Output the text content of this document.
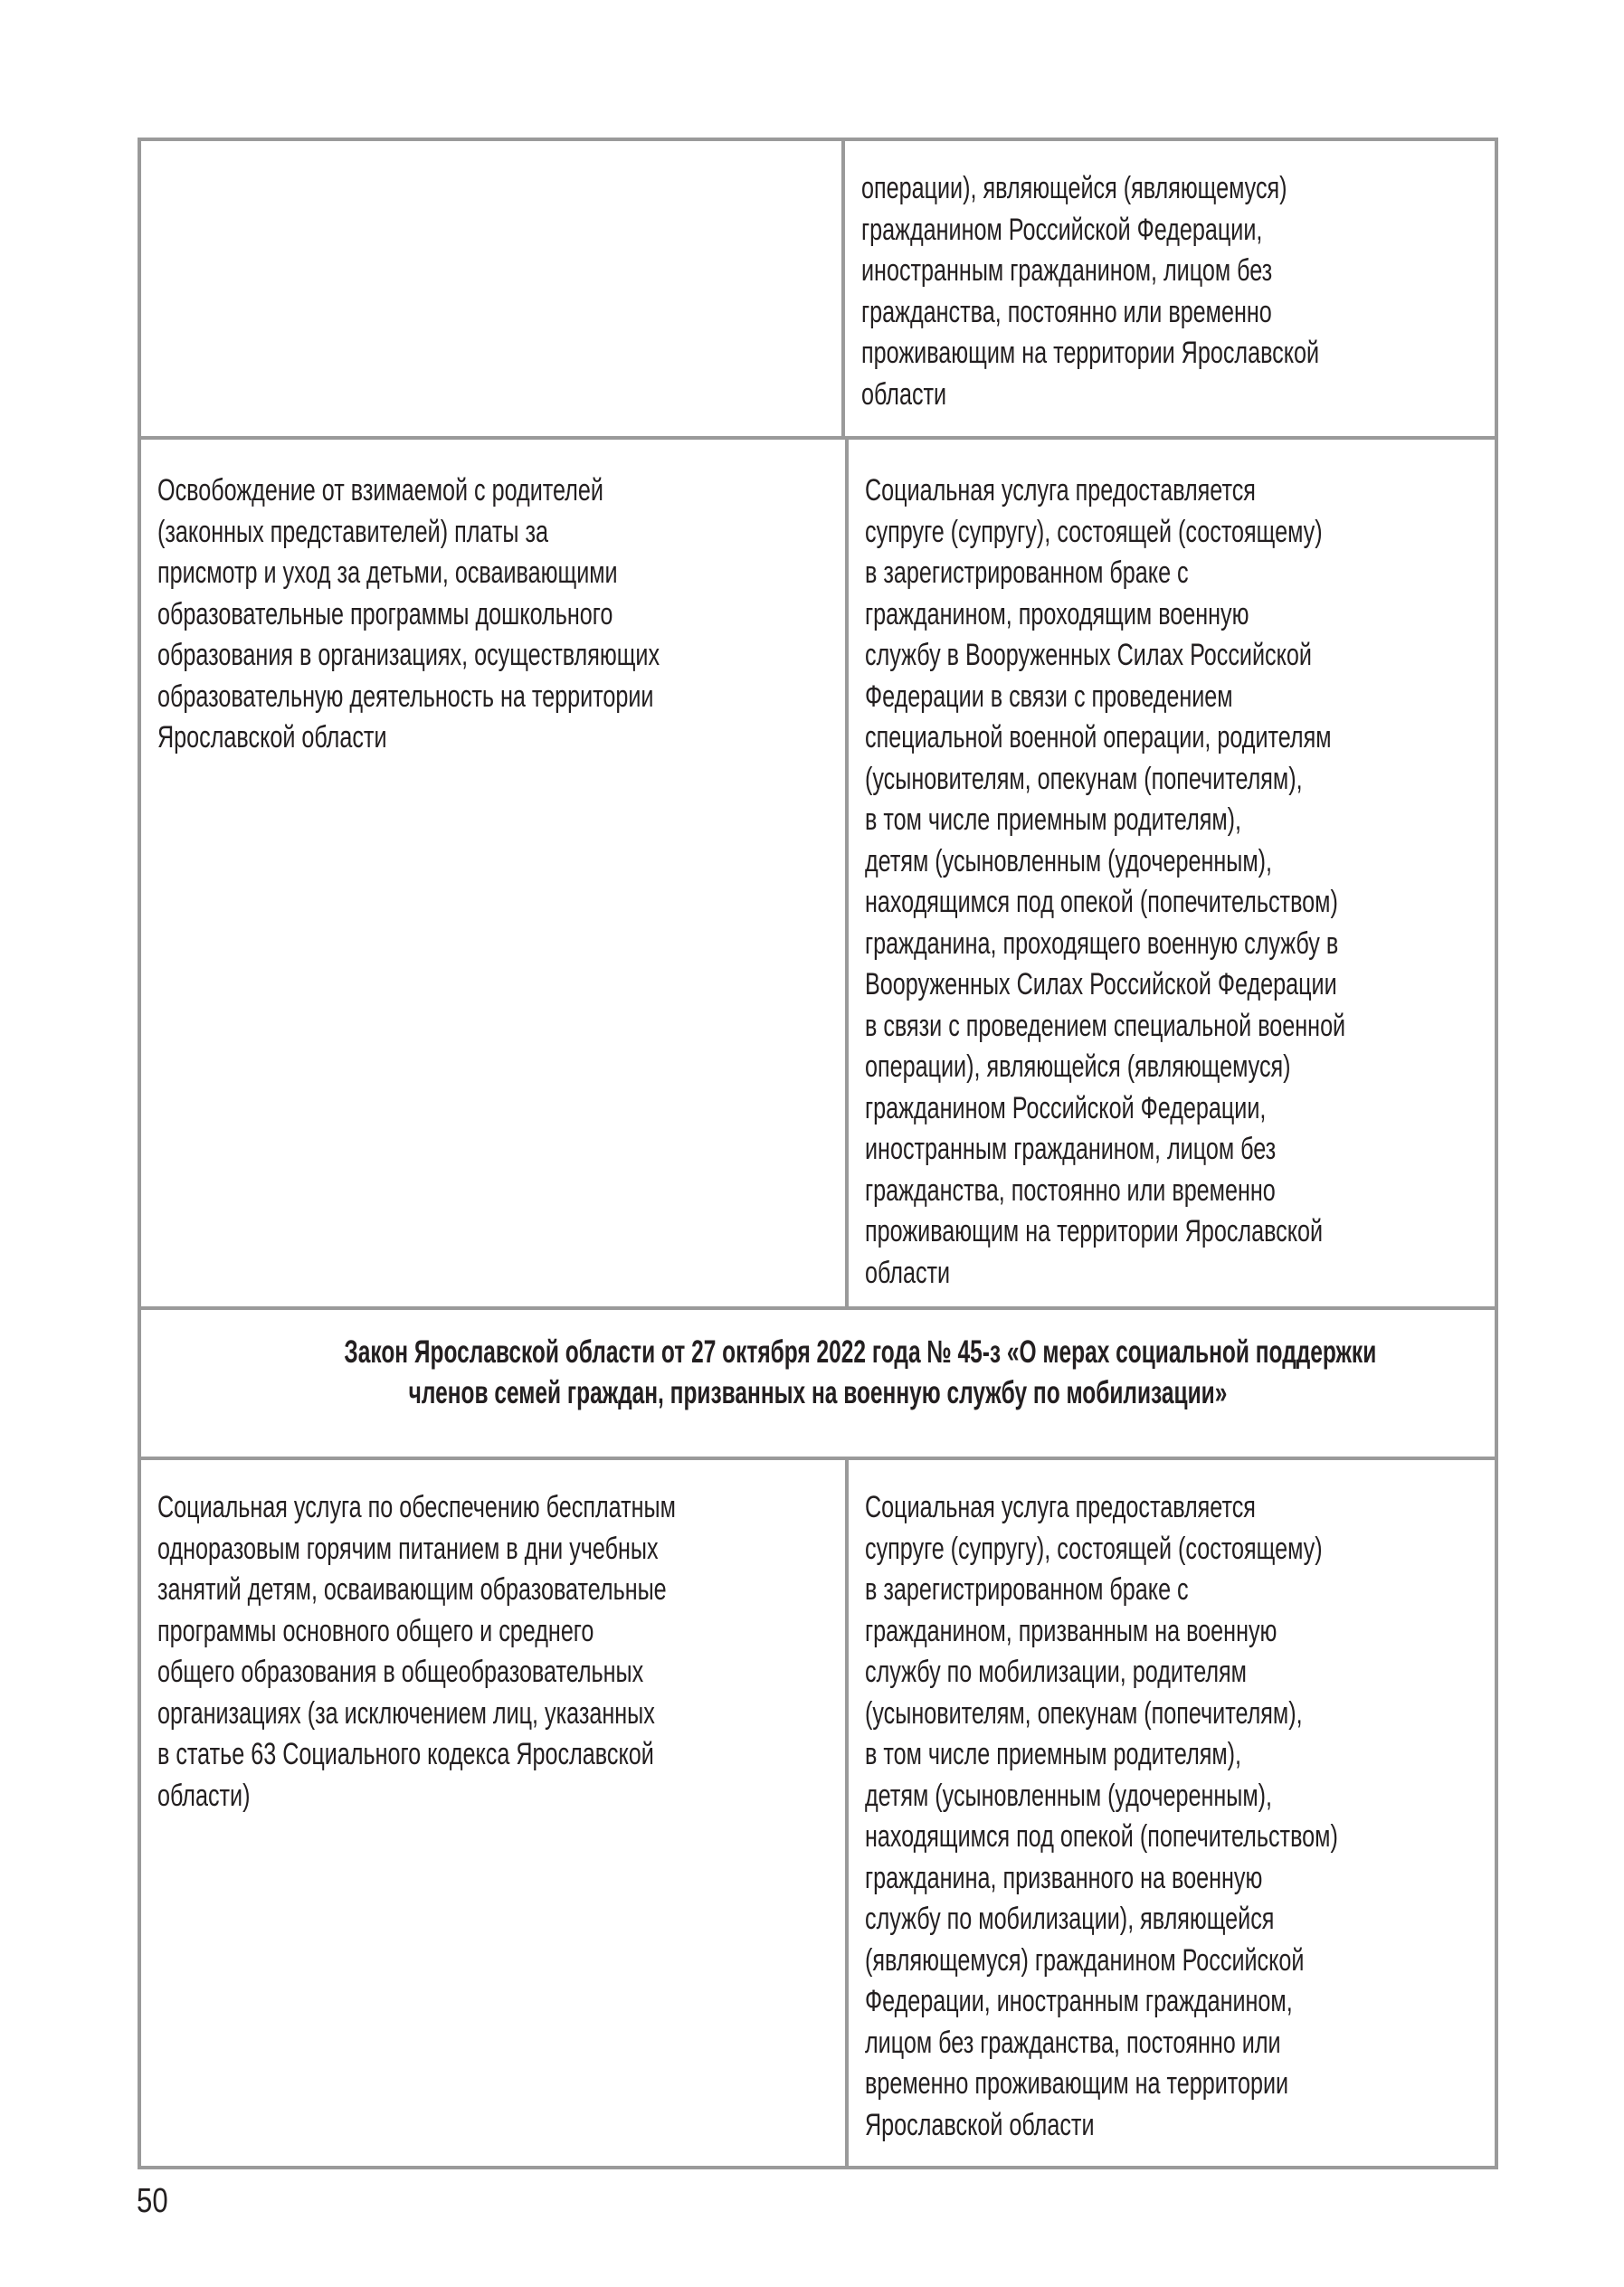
операции), являющейся (являющемуся)
гражданином Российской Федерации,
иностранным гражданином, лицом без
гражданства, постоянно или временно
проживающим на территории Ярославской
области
Освобождение от взимаемой с родителей
(законных представителей) платы за
присмотр и уход за детьми, осваивающими
образовательные программы дошкольного
образования в организациях, осуществляющих
образовательную деятельность на территории
Ярославской области
Социальная услуга предоставляется
супруге (супругу), состоящей (состоящему)
в зарегистрированном браке с
гражданином, проходящим военную
службу в Вооруженных Силах Российской
Федерации в связи с проведением
специальной военной операции, родителям
(усыновителям, опекунам (попечителям),
в том числе приемным родителям),
детям (усыновленным (удочеренным),
находящимся под опекой (попечительством)
гражданина, проходящего военную службу в
Вооруженных Силах Российской Федерации
в связи с проведением специальной военной
операции), являющейся (являющемуся)
гражданином Российской Федерации,
иностранным гражданином, лицом без
гражданства, постоянно или временно
проживающим на территории Ярославской
области
Закон Ярославской области от 27 октября 2022 года № 45-з «О мерах социальной поддержки
членов семей граждан, призванных на военную службу по мобилизации»
Социальная услуга по обеспечению бесплатным
одноразовым горячим питанием в дни учебных
занятий детям, осваивающим образовательные
программы основного общего и среднего
общего образования в общеобразовательных
организациях (за исключением лиц, указанных
в статье 63 Социального кодекса Ярославской
области)
Социальная услуга предоставляется
супруге (супругу), состоящей (состоящему)
в зарегистрированном браке с
гражданином, призванным на военную
службу по мобилизации, родителям
(усыновителям, опекунам (попечителям),
в том числе приемным родителям),
детям (усыновленным (удочеренным),
находящимся под опекой (попечительством)
гражданина, призванного на военную
службу по мобилизации), являющейся
(являющемуся) гражданином Российской
Федерации, иностранным гражданином,
лицом без гражданства, постоянно или
временно проживающим на территории
Ярославской области
50
